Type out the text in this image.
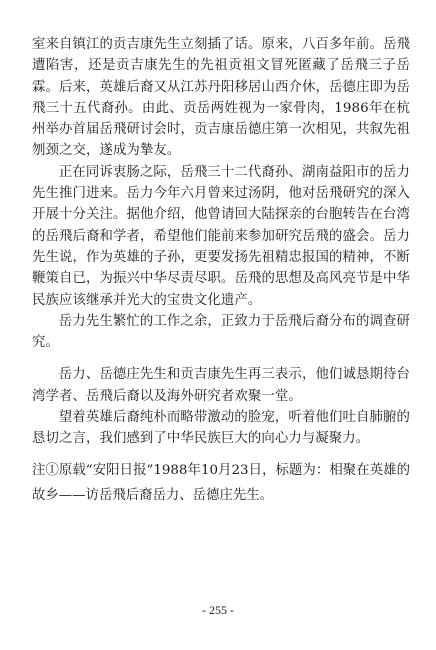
室来自镇江的贡吉康先生立刻插了话。原来，八百多年前。岳飛遭陷害，还是贡吉康先生的先祖贡祖文冒死匿藏了岳飛三子岳霖。后来，英雄后裔又从江苏丹阳移居山西介休，岳德庄即为岳飛三十五代裔孙。由此、贡岳两姓视为一家骨肉，1986年在杭州举办首届岳飛研讨会时，贡吉康岳德庄第一次相见，共叙先祖刎颈之交，遂成为摯友。

正在同诉衷肠之际，岳飛三十二代裔孙、湖南益阳市的岳力先生推门进来。岳力今年六月曾来过汤阴，他对岳飛研究的深入开展十分关注。据他介绍，他曾请回大陆探亲的台胞转告在台湾的岳飛后裔和学者，希望他们能前来参加研究岳飛的盛会。岳力先生说，作为英雄的子孙，更要发扬先祖精忠报国的精神，不断鞭策自已，为振兴中华尽责尽职。岳飛的思想及高风亮节是中华民族应该继承并光大的宝贵文化遗产。

岳力先生繁忙的工作之余，正致力于岳飛后裔分布的调查研究。

岳力、岳德庄先生和贡吉康先生再三表示，他们诚恳期待台湾学者、岳飛后裔以及海外研究者欢聚一堂。

望着英雄后裔纯朴而略带激动的脸宠，听着他们吐自肺腑的恳切之言，我们感到了中华民族巨大的向心力与凝聚力。

注①原载“安阳日报”1988年10月23日，标题为：相聚在英雄的故乡——访岳飛后裔岳力、岳德庄先生。

- 255 -
